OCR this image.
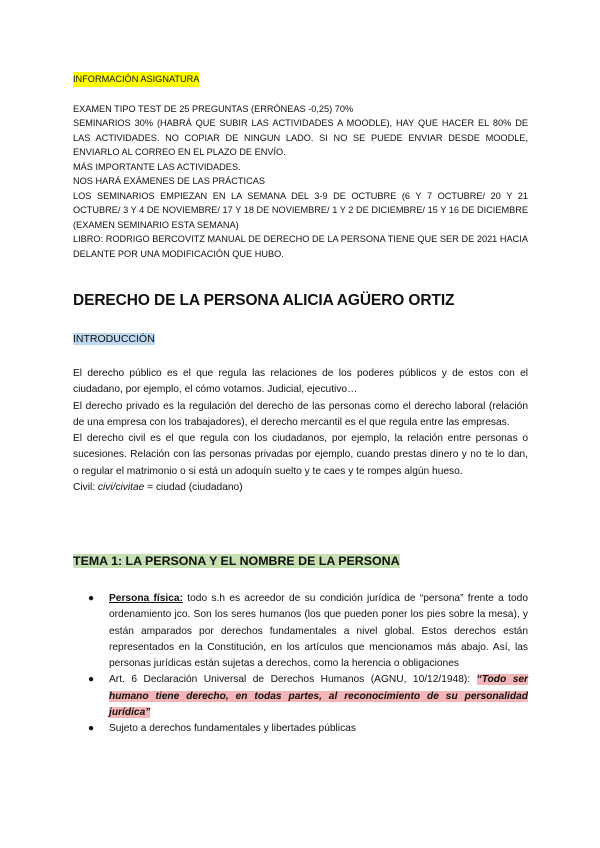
INFORMACIÓN ASIGNATURA

EXAMEN TIPO TEST DE 25 PREGUNTAS (ERRÓNEAS -0,25) 70%

SEMINARIOS 30% (HABRÁ QUE SUBIR LAS ACTIVIDADES A MOODLE), HAY QUE HACER EL 80% DE LAS ACTIVIDADES. NO COPIAR DE NINGUN LADO. SI NO SE PUEDE ENVIAR DESDE MOODLE, ENVIARLO AL CORREO EN EL PLAZO DE ENVÍO.

MÁS IMPORTANTE LAS ACTIVIDADES.

NOS HARÁ EXÁMENES DE LAS PRÁCTICAS

LOS SEMINARIOS EMPIEZAN EN LA SEMANA DEL 3-9 DE OCTUBRE (6 Y 7 OCTUBRE/ 20 Y 21 OCTUBRE/ 3 Y 4 DE NOVIEMBRE/ 17 Y 18 DE NOVIEMBRE/ 1 Y 2 DE DICIEMBRE/ 15 Y 16 DE DICIEMBRE (EXAMEN SEMINARIO ESTA SEMANA)

LIBRO: RODRIGO BERCOVITZ MANUAL DE DERECHO DE LA PERSONA TIENE QUE SER DE 2021 HACIA DELANTE POR UNA MODIFICACIÓN QUE HUBO.

DERECHO DE LA PERSONA ALICIA AGÜERO ORTIZ
INTRODUCCIÓN

El derecho público es el que regula las relaciones de los poderes públicos y de estos con el ciudadano, por ejemplo, el cómo votamos. Judicial, ejecutivo…

El derecho privado es la regulación del derecho de las personas como el derecho laboral (relación de una empresa con los trabajadores), el derecho mercantil es el que regula entre las empresas.

El derecho civil es el que regula con los ciudadanos, por ejemplo, la relación entre personas o sucesiones. Relación con las personas privadas por ejemplo, cuando prestas dinero y no te lo dan, o regular el matrimonio o si está un adoquín suelto y te caes y te rompes algún hueso.

Civil: civi/civitae = ciudad (ciudadano)

TEMA 1: LA PERSONA Y EL NOMBRE DE LA PERSONA
● Persona física: todo s.h es acreedor de su condición jurídica de “persona” frente a todo ordenamiento jco. Son los seres humanos (los que pueden poner los pies sobre la mesa), y están amparados por derechos fundamentales a nivel global. Estos derechos están representados en la Constitución, en los artículos que mencionamos más abajo. Así, las personas jurídicas están sujetas a derechos, como la herencia o obligaciones
● Art. 6 Declaración Universal de Derechos Humanos (AGNU, 10/12/1948): “Todo ser humano tiene derecho, en todas partes, al reconocimiento de su personalidad jurídica”
● Sujeto a derechos fundamentales y libertades públicas
